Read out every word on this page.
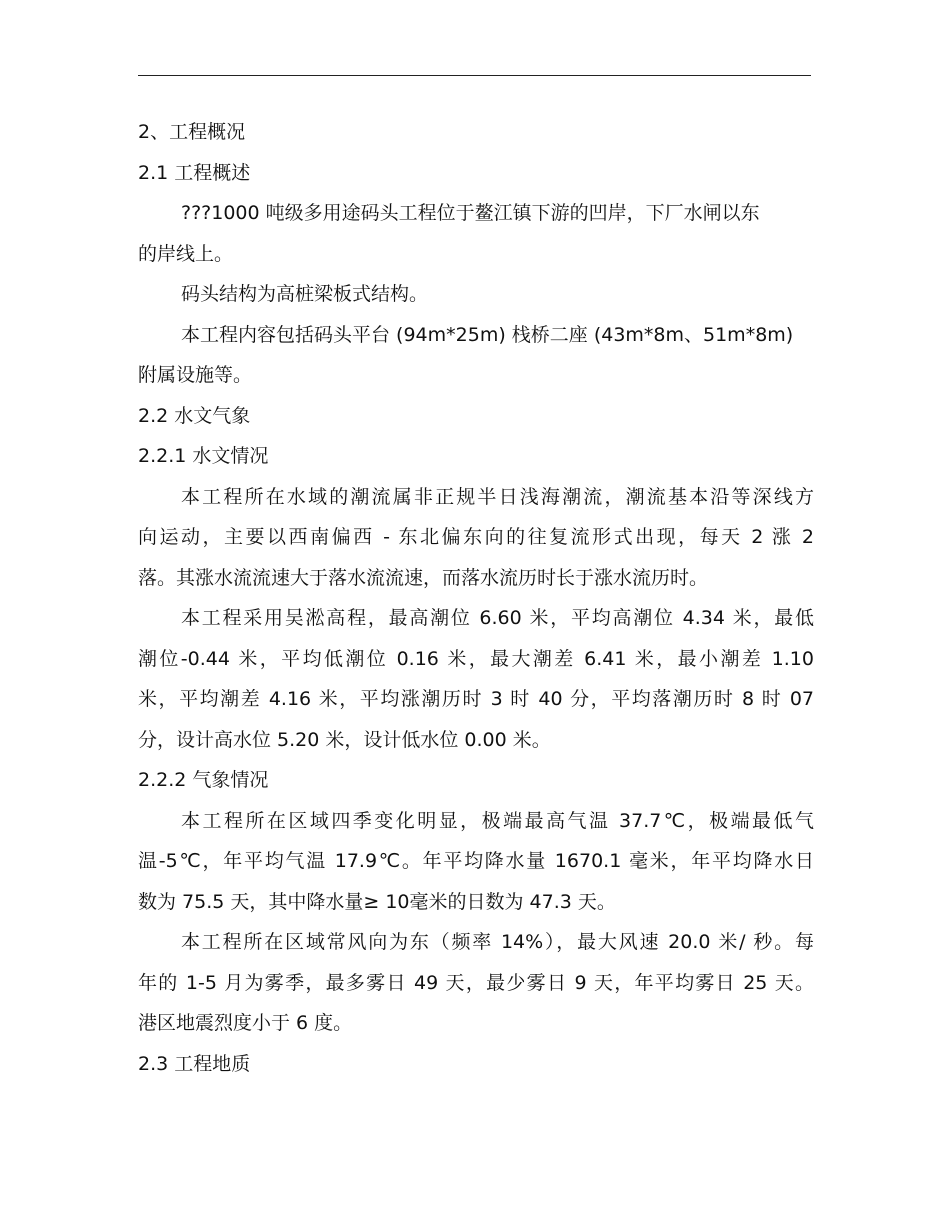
2、工程概况
2.1 工程概述
???1000 吨级多用途码头工程位于鳌江镇下游的凹岸，下厂水闸以东
的岸线上。
码头结构为高桩梁板式结构。
本工程内容包括码头平台 (94m*25m) 栈桥二座 (43m*8m、51m*8m)
附属设施等。
2.2 水文气象
2.2.1 水文情况
本工程所在水域的潮流属非正规半日浅海潮流，潮流基本沿等深线方
向运动，主要以西南偏西 - 东北偏东向的往复流形式出现，每天 2 涨 2
落。其涨水流流速大于落水流流速，而落水流历时长于涨水流历时。
本工程采用吴淞高程，最高潮位 6.60 米，平均高潮位 4.34 米，最低
潮位-0.44 米，平均低潮位 0.16 米，最大潮差 6.41 米，最小潮差 1.10
米，平均潮差 4.16 米，平均涨潮历时 3 时 40 分，平均落潮历时 8 时 07
分，设计高水位 5.20 米，设计低水位 0.00 米。
2.2.2 气象情况
本工程所在区域四季变化明显，极端最高气温 37.7℃，极端最低气
温-5℃，年平均气温 17.9℃。年平均降水量 1670.1 毫米，年平均降水日
数为 75.5 天，其中降水量≥ 10毫米的日数为 47.3 天。
本工程所在区域常风向为东（频率 14%），最大风速 20.0 米/ 秒。每
年的 1-5 月为雾季，最多雾日 49 天，最少雾日 9 天，年平均雾日 25 天。
港区地震烈度小于 6 度。
2.3 工程地质
